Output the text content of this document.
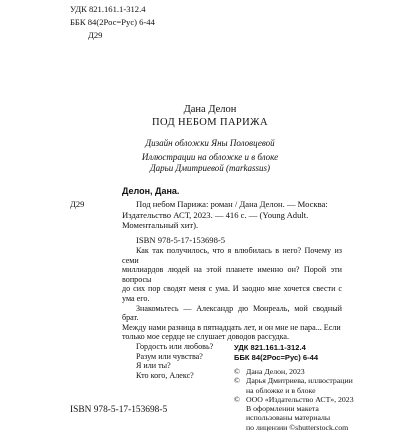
УДК 821.161.1-312.4
ББК 84(2Рос=Рус) 6-44
Д29
Дана Делон
ПОД НЕБОМ ПАРИЖА
Дизайн обложки Яны Половцевой
Иллюстрации на обложке и в блоке
Дарьи Дмитриевой (markassus)
Делон, Дана.
Д29	Под небом Парижа: роман / Дана Делон. — Москва:

Издательство АСТ, 2023. — 416 с. — (Young Adult.

Моментальный хит).

ISBN 978-5-17-153698-5

Как так получилось, что я влюбилась в него? Почему из семи

миллиардов людей на этой планете именно он? Порой эти вопросы

до сих пор сводят меня с ума. И заодно мне хочется свести с ума его.

Знакомьтесь — Александр дю Монреаль, мой сводный брат.

Между нами разница в пятнадцать лет, и он мне не пара... Если

только мое сердце не слушает доводов рассудка.

Гордость или любовь?

Разум или чувства?

Я или ты?

Кто кого, Алекс?

УДК 821.161.1-312.4
ББК 84(2Рос=Рус) 6-44
© Дана Делон, 2023
© Дарья Дмитриева, иллюстрации
на обложке и в блоке
© ООО «Издательство АСТ», 2023
В оформлении макета
использованы материалы
по лицензии ©shutterstock.com
ISBN 978-5-17-153698-5
